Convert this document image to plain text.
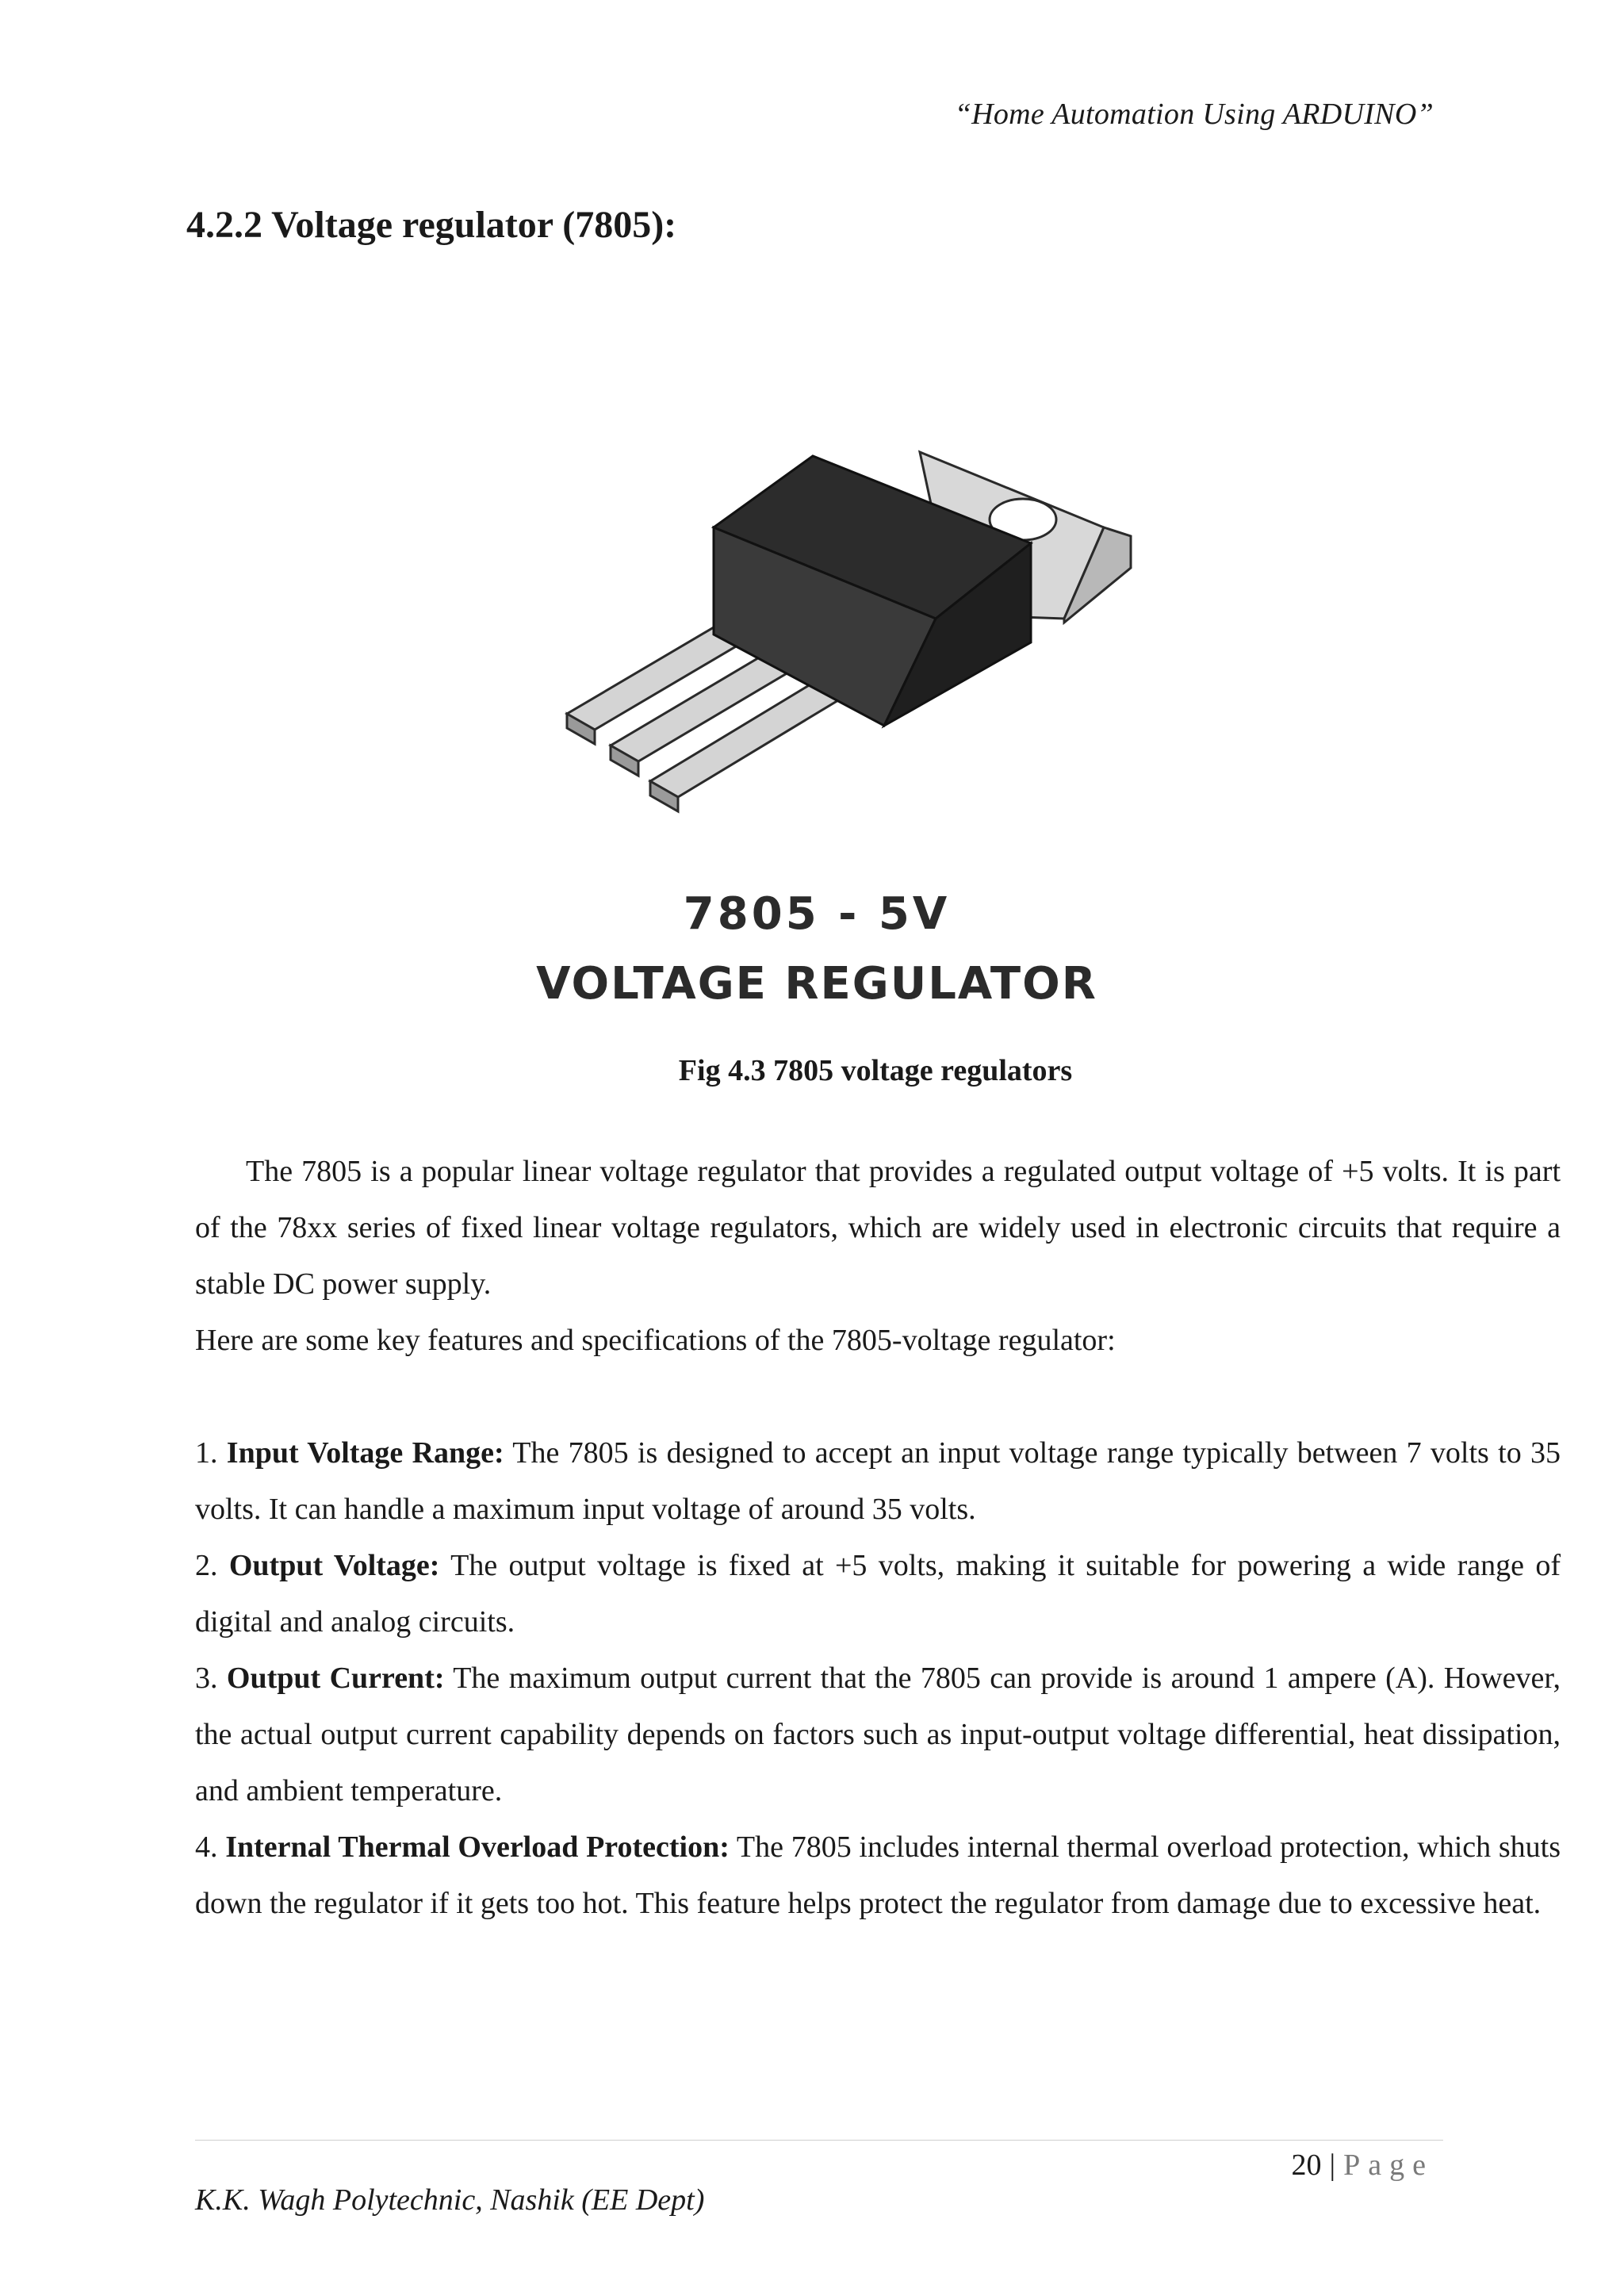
“Home Automation Using ARDUINO”
4.2.2 Voltage regulator (7805):
7805 - 5V
VOLTAGE REGULATOR
Fig 4.3 7805 voltage regulators

The 7805 is a popular linear voltage regulator that provides a regulated output voltage of +5 volts. It is part of the 78xx series of fixed linear voltage regulators, which are widely used in electronic circuits that require a stable DC power supply.

Here are some key features and specifications of the 7805-voltage regulator:

1. Input Voltage Range: The 7805 is designed to accept an input voltage range typically between 7 volts to 35 volts. It can handle a maximum input voltage of around 35 volts.

2. Output Voltage: The output voltage is fixed at +5 volts, making it suitable for powering a wide range of digital and analog circuits.

3. Output Current: The maximum output current that the 7805 can provide is around 1 ampere (A). However, the actual output current capability depends on factors such as input-output voltage differential, heat dissipation, and ambient temperature.

4. Internal Thermal Overload Protection: The 7805 includes internal thermal overload protection, which shuts down the regulator if it gets too hot. This feature helps protect the regulator from damage due to excessive heat.

20 | Page
K.K. Wagh Polytechnic, Nashik (EE Dept)
